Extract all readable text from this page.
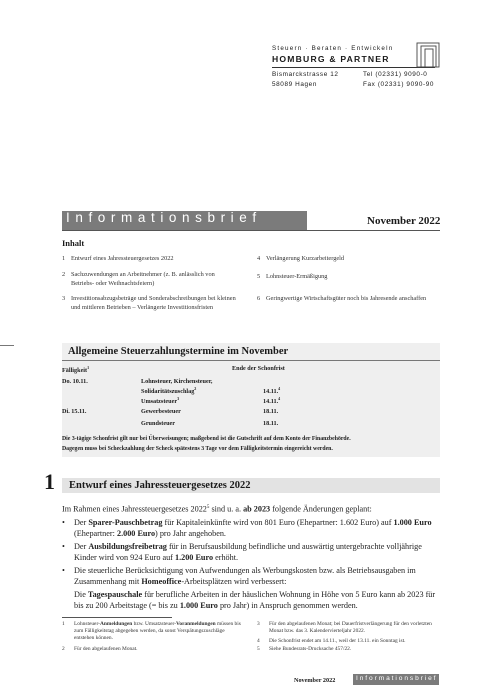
Steuern · Beraten · Entwickeln
HOMBURG & PARTNER
Bismarckstrasse 12	Tel (02331) 9090-0
58089 Hagen	Fax (02331) 9090-90
Informationsbrief	November 2022
Inhalt
1 Entwurf eines Jahressteuergesetzes 2022
2 Sachzuwendungen an Arbeitnehmer (z. B. anlässlich von Betriebs- oder Weihnachtsfeiern)
3 Investitionsabzugsbeträge und Sonderabschreibungen bei kleinen und mittleren Betrieben – Verlängerte Investitionsfristen
4 Verlängerung Kurzarbeitergeld
5 Lohnsteuer-Ermäßigung
6 Geringwertige Wirtschaftsgüter noch bis Jahresende anschaffen
Allgemeine Steuerzahlungstermine im November
Fälligkeit$^1$	Ende der Schonfrist
Do. 10.11.	Lohnsteuer, Kirchensteuer,
Solidaritätszuschlag$^2$	14.11.$^4$
Umsatzsteuer$^3$	14.11.$^4$
Di. 15.11.	Gewerbesteuer	18.11.
Grundsteuer	18.11.
Die 3-tägige Schonfrist gilt nur bei Überweisungen; maßgebend ist die Gutschrift auf dem Konto der Finanzbehörde.
Dagegen muss bei Scheckzahlung der Scheck spätestens 3 Tage vor dem Fälligkeitstermin eingereicht werden.
1 Entwurf eines Jahressteuergesetzes 2022
Im Rahmen eines Jahressteuergesetzes 2022$^5$ sind u. a. ab 2023 folgende Änderungen geplant:
• Der Sparer-Pauschbetrag für Kapitaleinkünfte wird von 801 Euro (Ehepartner: 1.602 Euro) auf 1.000 Euro (Ehepartner: 2.000 Euro) pro Jahr angehoben.
• Der Ausbildungsfreibetrag für in Berufsausbildung befindliche und auswärtig untergebrachte volljährige Kinder wird von 924 Euro auf 1.200 Euro erhöht.
• Die steuerliche Berücksichtigung von Aufwendungen als Werbungskosten bzw. als Betriebsausgaben im Zusammenhang mit Homeoffice-Arbeitsplätzen wird verbessert:
Die Tagespauschale für berufliche Arbeiten in der häuslichen Wohnung in Höhe von 5 Euro kann ab 2023 für bis zu 200 Arbeitstage (= bis zu 1.000 Euro pro Jahr) in Anspruch genommen werden.
1	Lohnsteuer-Anmeldungen bzw. Umsatzsteuer-Voranmeldungen müssen bis zum Fälligkeitstag abgegeben werden, da sonst Verspätungszuschläge entstehen können.
2	Für den abgelaufenen Monat.
3	Für den abgelaufenen Monat; bei Dauerfristverlängerung für den vorletzten Monat bzw. das 3. Kalendervierteljahr 2022.
4	Die Schonfrist endet am 14.11., weil der 13.11. ein Sonntag ist.
5	Siehe Bundesrats-Drucksache 457/22.
November 2022	Informationsbrief
